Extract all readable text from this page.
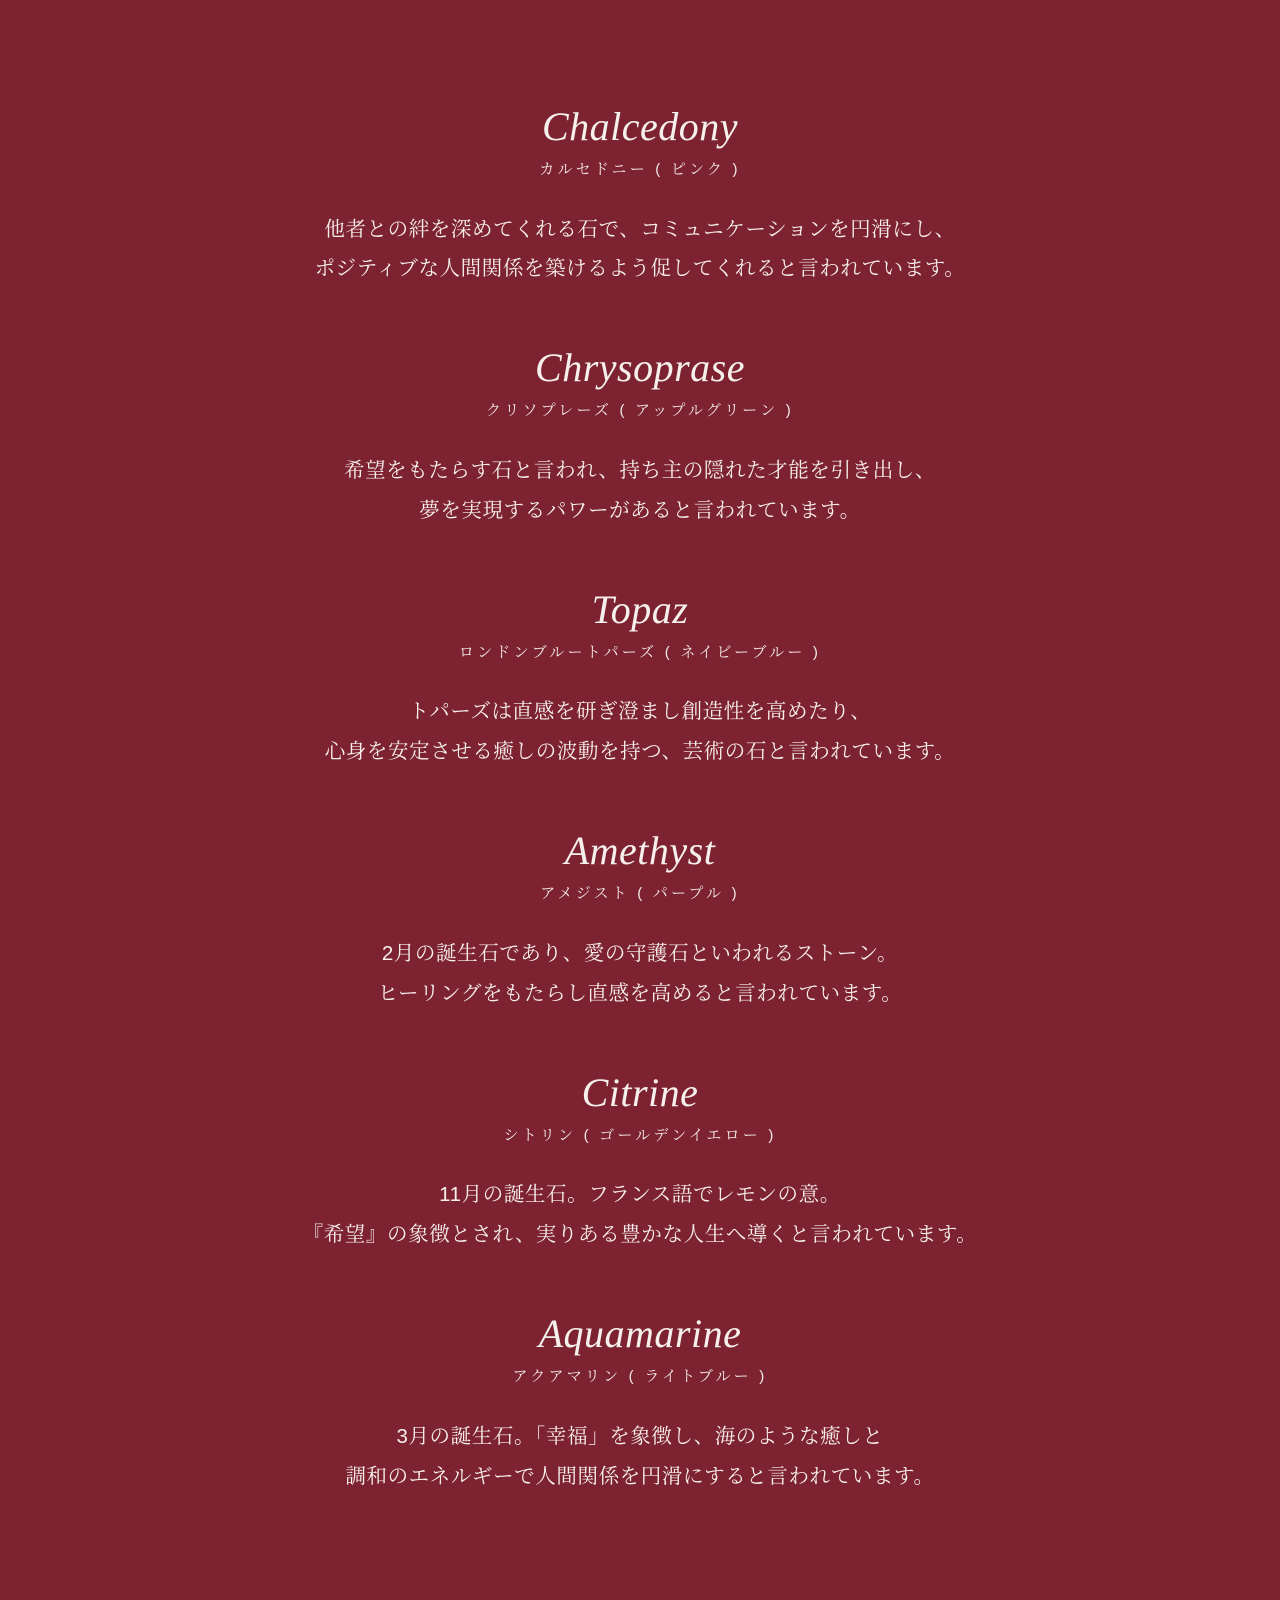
Chalcedony

カルセドニー ( ピンク )

他者との絆を深めてくれる石で、コミュニケーションを円滑にし、
ポジティブな人間関係を築けるよう促してくれると言われています。

Chrysoprase

クリソプレーズ ( アップルグリーン )

希望をもたらす石と言われ、持ち主の隠れた才能を引き出し、
夢を実現するパワーがあると言われています。

Topaz

ロンドンブルートパーズ ( ネイビーブルー )

トパーズは直感を研ぎ澄まし創造性を高めたり、
心身を安定させる癒しの波動を持つ、芸術の石と言われています。

Amethyst

アメジスト ( パープル )

2月の誕生石であり、愛の守護石といわれるストーン。
ヒーリングをもたらし直感を高めると言われています。

Citrine

シトリン ( ゴールデンイエロー )

11月の誕生石。フランス語でレモンの意。
『希望』の象徴とされ、実りある豊かな人生へ導くと言われています。

Aquamarine

アクアマリン ( ライトブルー )

3月の誕生石。「幸福」を象徴し、海のような癒しと
調和のエネルギーで人間関係を円滑にすると言われています。
